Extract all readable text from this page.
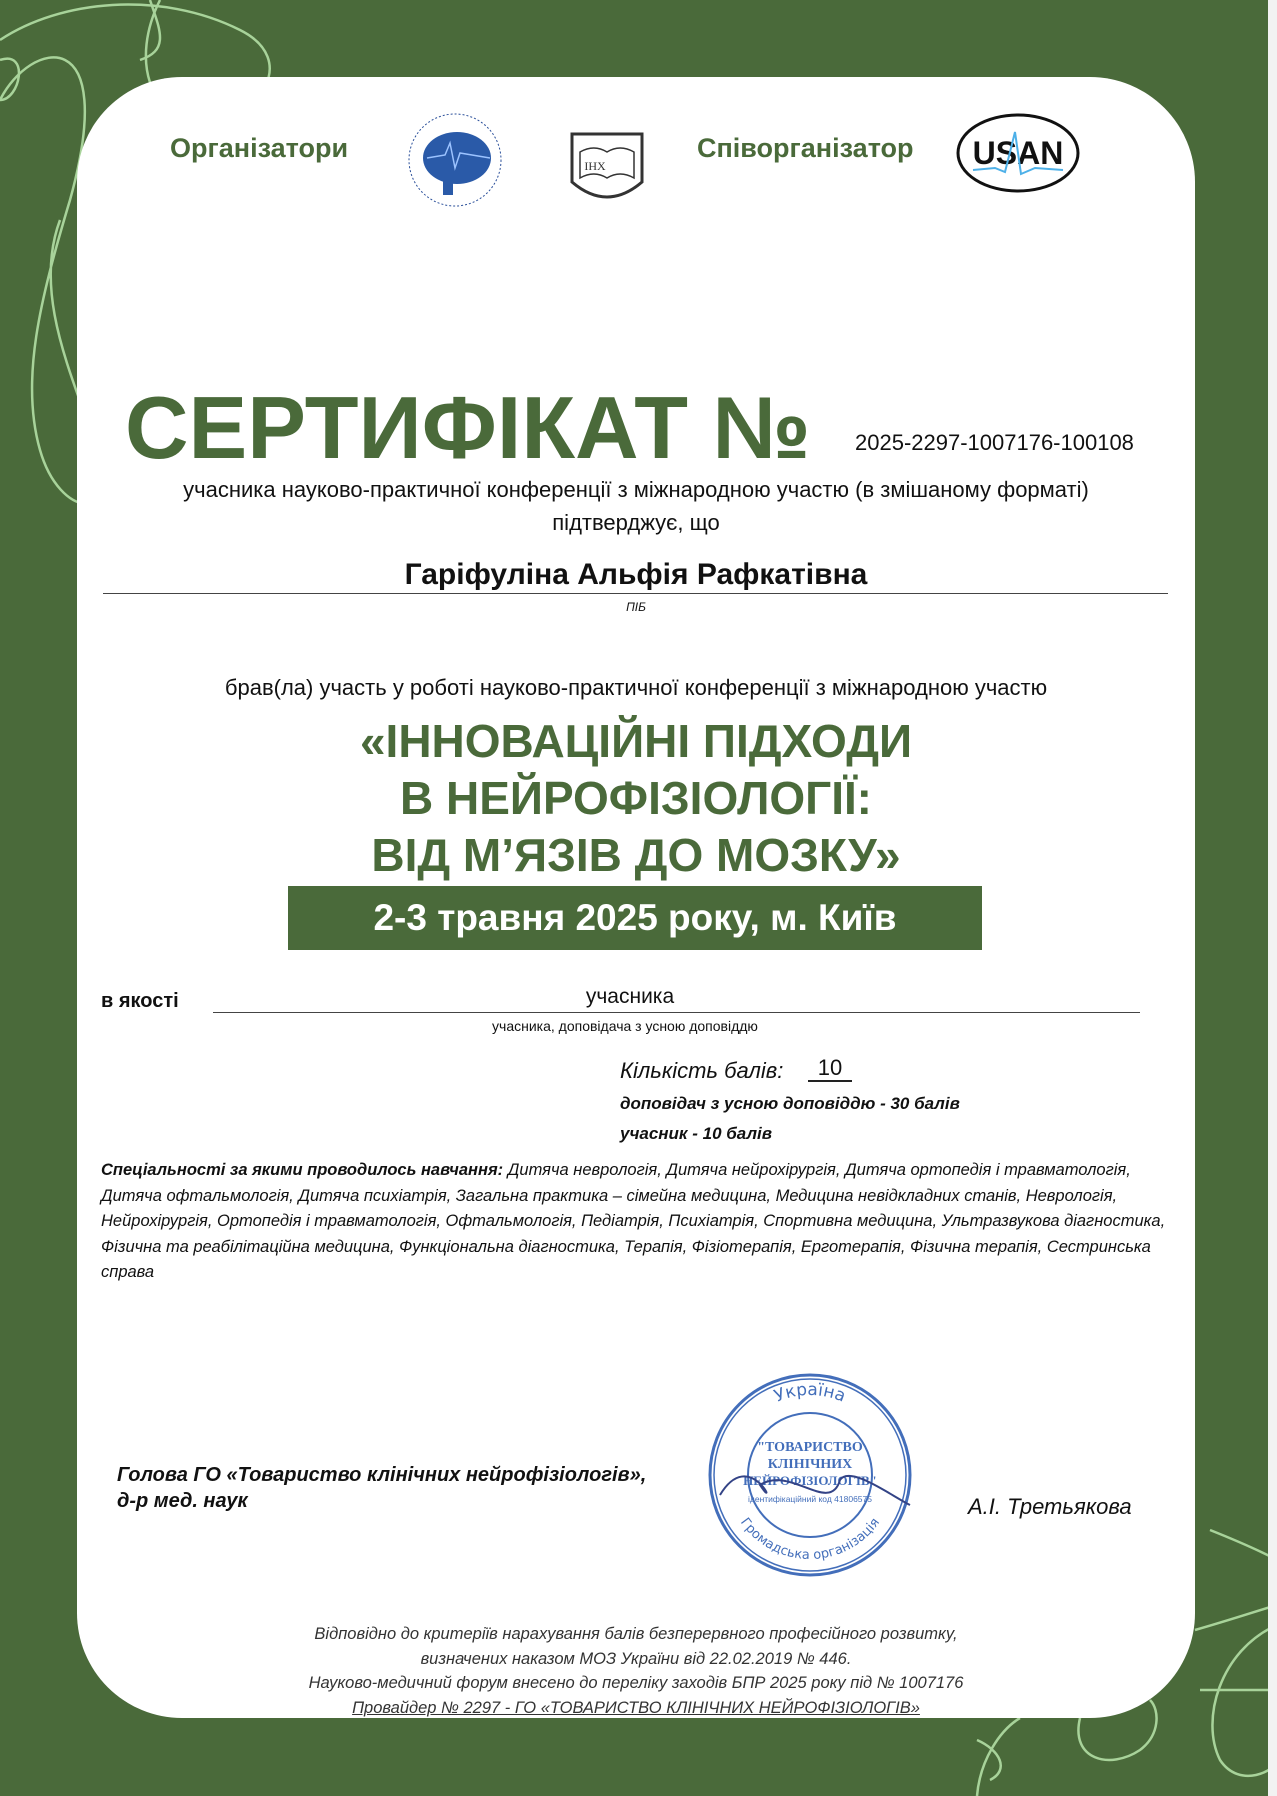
Організатори
ІНХ
Співорганізатор USAN
СЕРТИФІКАТ № 2025-2297-1007176-100108
учасника науково-практичної конференції з міжнародною участю (в змішаному форматі)
підтверджує, що
Гаріфуліна Альфія Рафкатівна
ПІБ
брав(ла) участь у роботі науково-практичної конференції з міжнародною участю
«ІННОВАЦІЙНІ ПІДХОДИ
В НЕЙРОФІЗІОЛОГІЇ:
ВІД М’ЯЗІВ ДО МОЗКУ»
2-3 травня 2025 року, м. Київ
в якості	учасника
учасника, доповідача з усною доповіддю
Кількість балів:	10
доповідач з усною доповіддю - 30 балів
учасник - 10 балів
Спеціальності за якими проводилось навчання: Дитяча неврологія, Дитяча нейрохірургія, Дитяча ортопедія і травматологія, Дитяча офтальмологія, Дитяча психіатрія, Загальна практика – сімейна медицина, Медицина невідкладних станів, Неврологія, Нейрохірургія, Ортопедія і травматологія, Офтальмологія, Педіатрія, Психіатрія, Спортивна медицина, Ультразвукова діагностика, Фізична та реабілітаційна медицина, Функціональна діагностика, Терапія, Фізіотерапія, Ерготерапія, Фізична терапія, Сестринська справа
Голова ГО «Товариство клінічних нейрофізіологів»,
д-р мед. наук
Україна
Громадська організація
"ТОВАРИСТВО
КЛІНІЧНИХ
НЕЙРОФІЗІОЛОГІВ"
ідентифікаційний код 41806575	А.І. Третьякова
Відповідно до критеріїв нарахування балів безперервного професійного розвитку,
визначених наказом МОЗ України від 22.02.2019 № 446.
Науково-медичний форум внесено до переліку заходів БПР 2025 року під № 1007176
Провайдер № 2297 - ГО «ТОВАРИСТВО КЛІНІЧНИХ НЕЙРОФІЗІОЛОГІВ»
